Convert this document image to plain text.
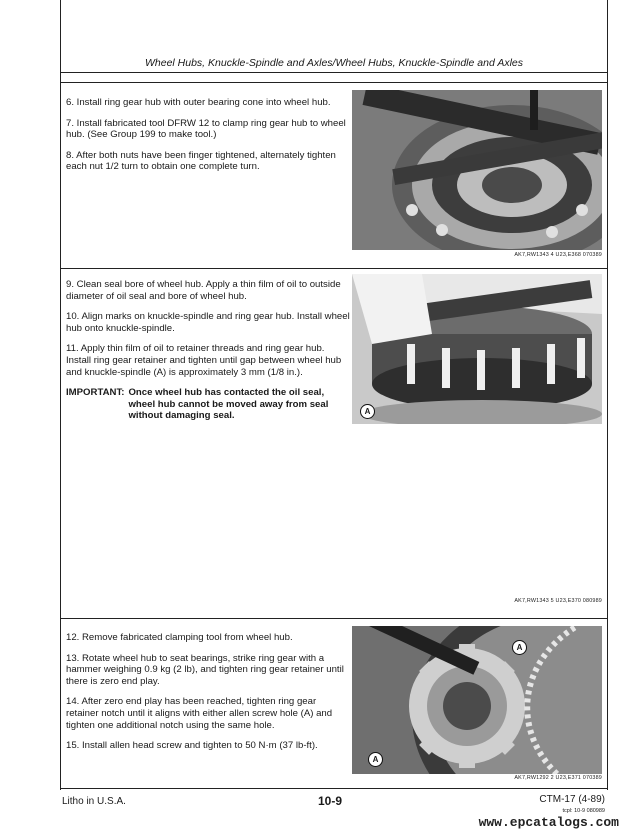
Wheel Hubs, Knuckle-Spindle and Axles/Wheel Hubs, Knuckle-Spindle and Axles

6. Install ring gear hub with outer bearing cone into wheel hub.

7. Install fabricated tool DFRW 12 to clamp ring gear hub to wheel hub. (See Group 199 to make tool.)

8. After both nuts have been finger tightened, alternately tighten each nut 1/2 turn to obtain one complete turn.

AK7,RW1343 4 U23,E368 070389

9. Clean seal bore of wheel hub. Apply a thin film of oil to outside diameter of oil seal and bore of wheel hub.

10. Align marks on knuckle-spindle and ring gear hub. Install wheel hub onto knuckle-spindle.

11. Apply thin film of oil to retainer threads and ring gear hub. Install ring gear retainer and tighten until gap between wheel hub and knuckle-spindle (A) is approximately 3 mm (1/8 in.).

IMPORTANT: Once wheel hub has contacted the oil seal, wheel hub cannot be moved away from seal without damaging seal.	A
AK7,RW1343 5 U23,E370 080989

12. Remove fabricated clamping tool from wheel hub.

13. Rotate wheel hub to seat bearings, strike ring gear with a hammer weighing 0.9 kg (2 lb), and tighten ring gear retainer until there is zero end play.

14. After zero end play has been reached, tighten ring gear retainer notch until it aligns with either allen screw hole (A) and tighten one additional notch using the same hole.

15. Install allen head screw and tighten to 50 N·m (37 lb-ft).

A
A
AK7,RW1292 2 U23,E371 070389
Litho in U.S.A.	10-9	CTM-17 (4-89)
tcpl: 10-9 080989
www.epcatalogs.com
